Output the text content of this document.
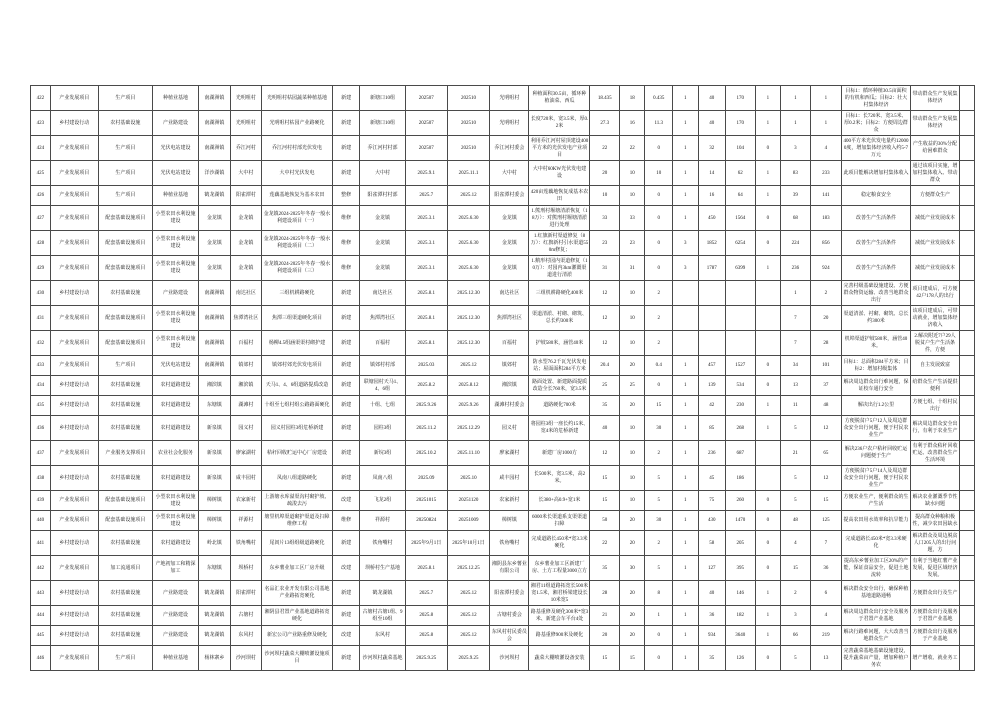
422	产业发展项目	生产项目	种植业基地	南湖洲镇	光明咀村	光明咀村枯园蔬菜种植基地	新建	新塘口10组	202507	202510	光明咀村	种植面积30.5亩，循环种植油菜、西瓜	18.435	18	0.435	1	40	170	1	1	1	目标1：循环种植30.5亩面积的有机和西瓜；目标2：壮大村集体经济	带动群众生产发展集体经济	
423	乡村建设行动	农村基础设施	产业路建设	南湖洲镇	光明咀村	光明咀村枯园产业路硬化	新建	新塘口10组	202507	202510	光明咀村	长度720米，宽3.5米，厚0.2米	27.3	16	11.3	1	40	170	1	1	1	目标1：长720米、宽3.5米、厚0.2米；目标2：方便周边群众	带动群众生产发展集体经济	
424	产业发展项目	生产项目	光伏电站建设	南湖洲镇	乔江河村	乔江河村村部光伏发电	新建	乔江河村村部	202507	202510	乔江河村委会	利用乔江河村屋顶建设400平方米的光伏发电产业项目	22	22	0	1	32	104	0	3	4	400平方米光伏发电量约120000度，增加集体经济收入约5-7万元	产生收益的30%分配给困难群众	
425	产业发展项目	生产项目	光伏电站建设	洋沙湖镇	大中村	大中村光伏发电	新建	大中村	2025.9.1	2025.11.1	大中村	大中村60KW光伏发电建设	20	10	10	1	14	62	1	83	233	此项目能解决增加村集体收入	通过该项目实施，增加村集体收入、带动群众	
426	产业发展项目	生产项目	种植业基地	鹤龙湖镇	阳雀潭村	莲藕基地恢复为基本农田	整修	阳雀潭村村部	2025.7	2025.12	阳雀潭村委会	420亩莲藕地恢复成基本农田	10	10	0	1	16	64	1	39	141	稳定粮食安全	方便群众生产	
427	产业发展项目	配套基础设施项目	小型农田水利设施建设	金龙镇	金龙镇	金龙镇2024-2025年冬春一般水利建设项目（一）	维修	金龙镇	2025.3.1	2025.6.30	金龙镇	1.熊刑村堰塘清淤恢复（18万）：对熊刑村堰塘清淤进行处理	33	33	0	1	450	1564	0	68	183	改善生产生活条件	减低产业发展成本	
428	产业发展项目	配套基础设施项目	小型农田水利设施建设	金龙镇	金龙镇	金龙镇2024-2025年冬春一般水利建设项目（二）	维修	金龙镇	2025.3.1	2025.6.30	金龙镇	1.红旗新村渠道修复（8万）：红旗新村引水渠道550m修复；	23	23	0	3	1852	6254	0	224	856	改善生产生活条件	减低产业发展成本	
429	产业发展项目	配套基础设施项目	小型农田水利设施建设	金龙镇	金龙镇	金龙镇2024-2025年冬春一般水利建设项目（三）	维修	金龙镇	2025.3.1	2025.6.30	金龙镇	1.鹅形村园内渠道修复（10万）：对园内3km灌溉渠道进行清淤	31	31	0	3	1787	6399	1	236	924	改善生产生活条件	减低产业发展成本	
430	乡村建设行动	农村基础设施	产业路建设	南湖洲镇	南达社区	三组机耕路硬化	新建	南达社区	2025.8.1	2025.12.30	南达社区	三组机耕路硬化400米	12	10	2					1	2	完善村级基础设施建设、方便群众物资运输、改善当地群众出行	项目建成后，可方便42户178人的出行	
431	产业发展项目	配套基础设施项目	小型农田水利设施建设	南湖洲镇	焦潭湾社区	焦潭三组渠道硬化项目	新建	焦潭湾社区	2025.8.1	2025.12.30	焦潭湾社区	渠道清淤、衬砌、砌筑、总长约300米	12	10	2					7	20	渠道清淤、衬砌、砌筑、总长约300米	该项目建成后，可带动就业，增加集体经济收入	
432	产业发展项目	配套基础设施项目	小型农田水利设施建设	南湖洲镇	百福村	杨柳4.5组涵渠渠村砌护建	新建	百福村	2025.8.1	2025.12.30	百福村	护坡580米，涵管40米	12	10	2					7	28	机埠渠道护坡580米，涵管40米。	2.解决附近7户29人脱贫户生产生活条件，方便	
433	产业发展项目	生产项目	光伏电站建设	南湖洲镇	镇郊村	镇郊村郊光伏发电项目	新建	镇郊村村部	2025.03	2025.12	镇郊村	防水型76.2千瓦光伏发电站；屋面面积284平方米	20.4	20	0.4	1	457	1527	0	34	101	目标1：总面积284平方米；目标2：增加村级集体	自主发展致富	
434	乡村建设行动	农村基础设施	农村道路建设	湘滨镇	湘滨镇	天马1、4、6组道路提质改造	新建	联塘园村天马1、4、6组	2025.8.2	2025.8.12	湘滨镇	路面处置、新建路面提质改造全长760米，宽3.5米	25	25	0	1	139	534	0	13	37	解决周边群众出行难问题，保证校车通行安全	给群众生产生活提供便利	
435	乡村建设行动	农村基础设施	农村道路建设	东塘镇	湖滩村	十组至七组村组公路路面硬化	新建	十组、七组	2025.9.26	2025.9.26	湖滩村村委会	道路硬化700米	35	20	15	1	42	230	1	11	48	解决出行1.2公里	方便七组、十组村民出行	
436	乡村建设行动	农村基础设施	农村道路建设	新泉镇	园义村	园义村园柱3组危桥新建	新建	园柱3组	2025.11.2	2025.12.29	园义村	将园柱3组一座长约15米、宽4米的危桥新建	40	10	30	1	85	268	1	5	12	方便脱贫户5户12人及周边群众安全出行问题，便于村民农业生产	解决周边群众安全出行，有利于农业生产	
437	产业发展项目	产业服务支撑项目	农业社会化服务	新泉镇	廖家湖村	秸秆回收贮运中心厂房建设	新建	新垸3组	2025.10.2	2025.11.10	廖家湖村	新建厂房1000方	12	10	2	1	236	687		21	65	解决236户农户秸秆回收贮运问题便于生产	有利于群众秸秆回收贮运、改善群众生产生活环境	
438	乡村建设行动	农村基础设施	农村道路建设	新泉镇	咸丰园村	凤南八组道路硬化	新建	凤南八组	2025.09	2025.10	咸丰园村	长500米，宽3.5米，高2米。	15	10	5	1	45	186		5	12	方便脱贫户5户14人及周边群众安全出行问题，便于村民农业生产		
439	产业发展项目	配套基础设施项目	小型农田水利设施建设	樟树镇	农家新村	上游塘水库溢渠沟村砌护坡、疏浚去污	改建	飞龙2组	20251015	20251120	农家新村	长380+高0.9+宽1米	15	10	5	1	75	260	0	5	15	方便农业生产，便利群众的生产生活	解决农业灌溉季节性缺水问题	
440	产业发展项目	配套基础设施项目	小型农田水利设施建设	樟树镇	祥源村	塘里机埠渠道砌护渠道及扫障维修工程	维修	祥源村	20250824	20251009	樟树镇	6000米长渠道系支渠渠道扫障	50	20	30	1	430	1470	0	48	125	提高农田用水效率和抗旱能力	提高群众种粮积极性，减少农田因缺水	
441	乡村建设行动	农村基础设施	农村道路建设	岭北镇	铁角嘴村	尾闾片13组组级道路硬化	新建	铁角嘴村	2025年9月1日	2025年10月1日	铁角嘴村	完成道路长450米*宽3.3米硬化	22	20	2	1	58	205	0	4	7	完成道路长450米*宽3.3米硬化	解决群众及周边脱贫人口205人的出行问题，方	
442	产业发展项目	加工流通项目	产地初加工和精深加工	东塘镇	坝桥村	东乡薯业加工区厂房升级	改建	坝桥村生产基地	2025.8.1	2025.12.25	湘阴县东乡薯业有限公司	东乡薯业加工区新建厂房、土方工程量3000立方	35	30	5	1	127	395	0	15	36	提高东乡薯业加工区20%的产能，保证食品安全，促进土地流转	有利于当地红薯产业发展，促进区域经济发展。	
443	乡村建设行动	农村基础设施	产业路建设	鹤龙湖镇	阳雀潭村	名品汇农业开发有限公司基地产业路拓宽硬化	新建	鹤龙湖镇	2025.7	2025.12	阳雀潭村委会	湘君11组道路拓宽长500米宽1.5米，湘君桥梁建设长10米宽5	28	20	8	1	40	146	1	2	6	解决群众安全出行，确保种植基地道路通畅	方便群众出行及生产	
444	乡村建设行动	农村基础设施	产业路建设	鹤龙湖镇	古塘村	湘阴县君置产业基地道路拓宽硬化	新建	古塘村古塘1组、9组至10组	2025.8	2025.12	古塘村委会	路基重修及硬化300米*宽3米、新建会车平台4处	21	20	1	1	36	182	1	3	4	解决周边群众出行安全及服务于君置产业基地	方便群众出行及服务于君置产业基地	
445	乡村建设行动	农村基础设施	产业路建设	鹤龙湖镇	东风村	新宏公司产业路重修及硬化	改建	东风村	2025.8	2025.12	东风村村民委员会	路基重修900米及硬化	20	20	0	1	934	3640	1	66	219	解决行路难问题，大大改善当地群众生产	方便群众出行及服务于产业基地	
446	产业发展项目	生产项目	种植业基地	杨林寨乡	沙河坝村	沙河坝村蔬菜大棚喷灌设施项目	新建	沙河坝村蔬菜基地	2025.9.25	2025.9.25	沙河坝村	蔬菜大棚喷灌设备安装	15	15	0	1	35	126	0	5	13	完善蔬菜基地基础设施建设，提升蔬菜亩产量，增加种植户务农	增产增收、就业务工	
